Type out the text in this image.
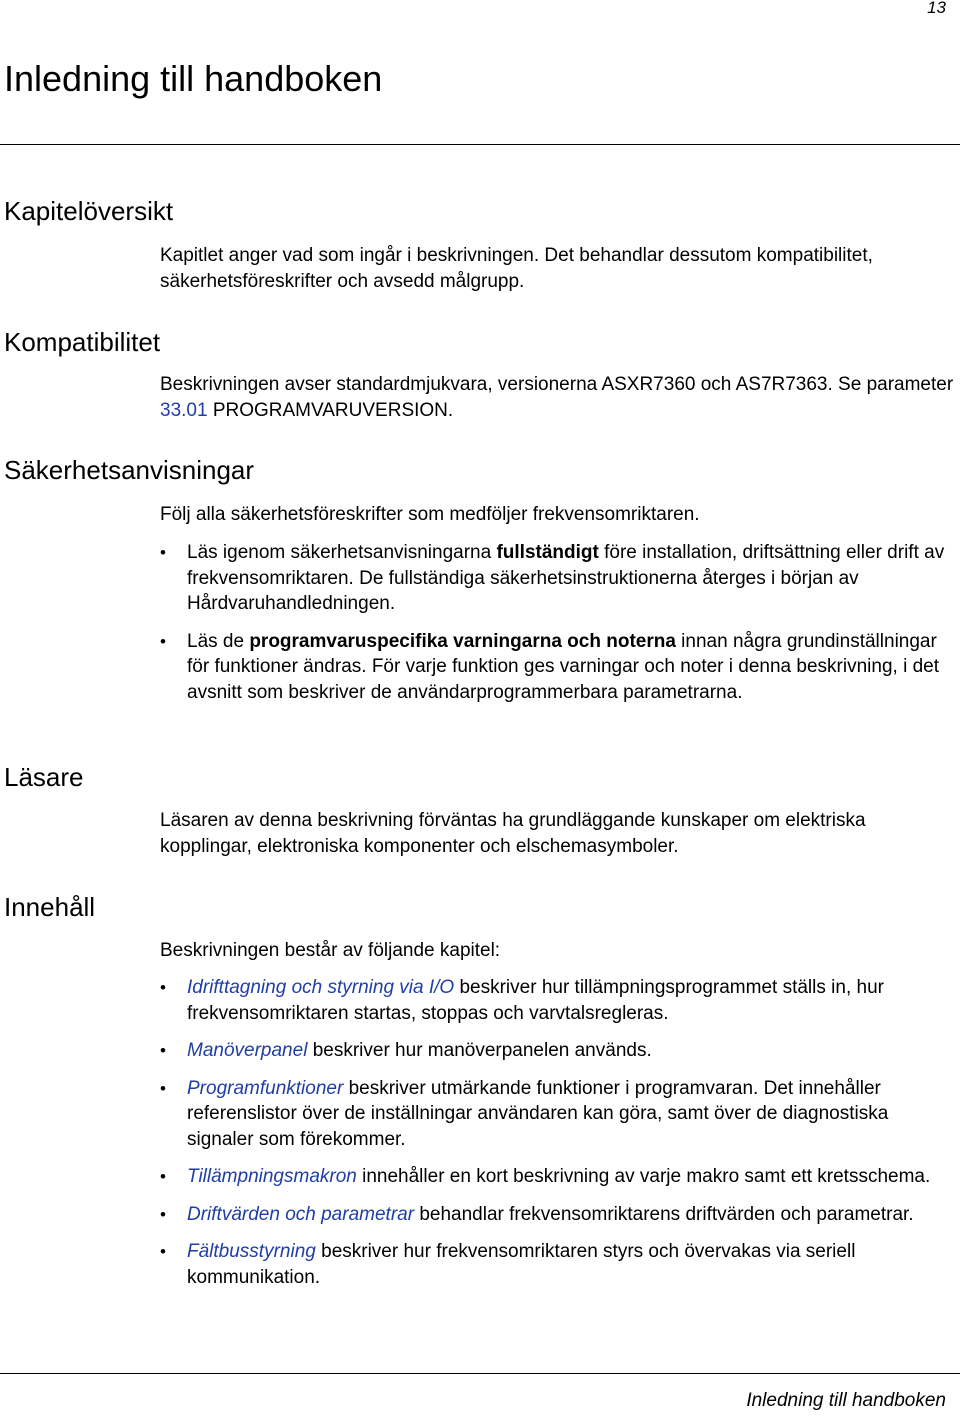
13
Inledning till handboken
Kapitelöversikt

Kapitlet anger vad som ingår i beskrivningen. Det behandlar dessutom kompatibilitet, säkerhetsföreskrifter och avsedd målgrupp.

Kompatibilitet

Beskrivningen avser standardmjukvara, versionerna ASXR7360 och AS7R7363. Se parameter 33.01 PROGRAMVARUVERSION.

Säkerhetsanvisningar

Följ alla säkerhetsföreskrifter som medföljer frekvensomriktaren.

• Läs igenom säkerhetsanvisningarna fullständigt före installation, driftsättning eller drift av frekvensomriktaren. De fullständiga säkerhetsinstruktionerna återges i början av Hårdvaruhandledningen.
• Läs de programvaruspecifika varningarna och noterna innan några grundinställningar för funktioner ändras. För varje funktion ges varningar och noter i denna beskrivning, i det avsnitt som beskriver de användarprogrammerbara parametrarna.
Läsare

Läsaren av denna beskrivning förväntas ha grundläggande kunskaper om elektriska kopplingar, elektroniska komponenter och elschemasymboler.

Innehåll

Beskrivningen består av följande kapitel:

• Idrifttagning och styrning via I/O beskriver hur tillämpningsprogrammet ställs in, hur frekvensomriktaren startas, stoppas och varvtalsregleras.
• Manöverpanel beskriver hur manöverpanelen används.
• Programfunktioner beskriver utmärkande funktioner i programvaran. Det innehåller referenslistor över de inställningar användaren kan göra, samt över de diagnostiska signaler som förekommer.
• Tillämpningsmakron innehåller en kort beskrivning av varje makro samt ett kretsschema.
• Driftvärden och parametrar behandlar frekvensomriktarens driftvärden och parametrar.
• Fältbusstyrning beskriver hur frekvensomriktaren styrs och övervakas via seriell kommunikation.
Inledning till handboken
